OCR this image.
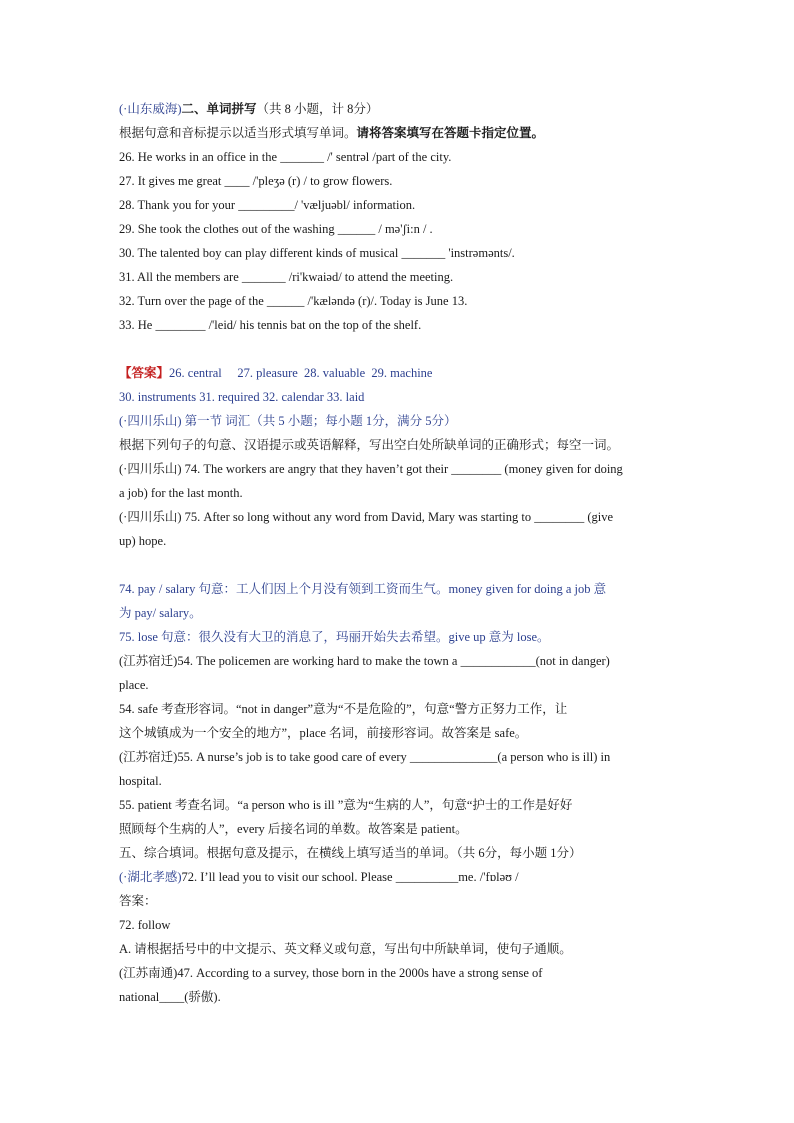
(·山东威海)二、单词拼写（共 8 小题，计 8分）
根据句意和音标提示以适当形式填写单词。请将答案填写在答题卡指定位置。
26. He works in an office in the _______ /' sentrəl /part of the city.
27. It gives me great ____ /'pleʒə (r) / to grow flowers.
28. Thank you for your _________/ 'væljuəbl/ information.
29. She took the clothes out of the washing ______ / mə'ʃi:n / .
30. The talented boy can play different kinds of musical _______ 'instrəmənts/.
31. All the members are _______ /ri'kwaiəd/ to attend the meeting.
32. Turn over the page of the ______ /'kæləndə (r)/. Today is June 13.
33. He ________ /'leid/ his tennis bat on the top of the shelf.
【答案】26. central     27. pleasure  28. valuable  29. machine
30. instruments 31. required 32. calendar 33. laid
(·四川乐山) 第一节 词汇（共 5 小题；每小题 1分，满分 5分）
根据下列句子的句意、汉语提示或英语解释，写出空白处所缺单词的正确形式；每空一词。
(·四川乐山) 74. The workers are angry that they haven’t got their ________ (money given for doing
a job) for the last month.
(·四川乐山) 75. After so long without any word from David, Mary was starting to ________ (give
up) hope.
74. pay / salary 句意：工人们因上个月没有领到工资而生气。money given for doing a job 意
为 pay/ salary。
75. lose 句意：很久没有大卫的消息了，玛丽开始失去希望。give up 意为 lose。
(江苏宿迁)54. The policemen are working hard to make the town a ____________(not in danger)
place.
54. safe 考查形容词。“not in danger”意为“不是危险的”，句意“警方正努力工作，让
这个城镇成为一个安全的地方”，place 名词，前接形容词。故答案是 safe。
(江苏宿迁)55. A nurse’s job is to take good care of every ______________(a person who is ill) in
hospital.
55. patient 考查名词。“a person who is ill ”意为“生病的人”，句意“护士的工作是好好
照顾每个生病的人”，every 后接名词的单数。故答案是 patient。
五、综合填词。根据句意及提示，在横线上填写适当的单词。（共 6分，每小题 1分）
(·湖北孝感)72. I’ll lead you to visit our school. Please __________me. /'fɒləʊ /
答案：
72. follow
A. 请根据括号中的中文提示、英文释义或句意，写出句中所缺单词，使句子通顺。
(江苏南通)47. According to a survey, those born in the 2000s have a strong sense of
national____(骄傲).
